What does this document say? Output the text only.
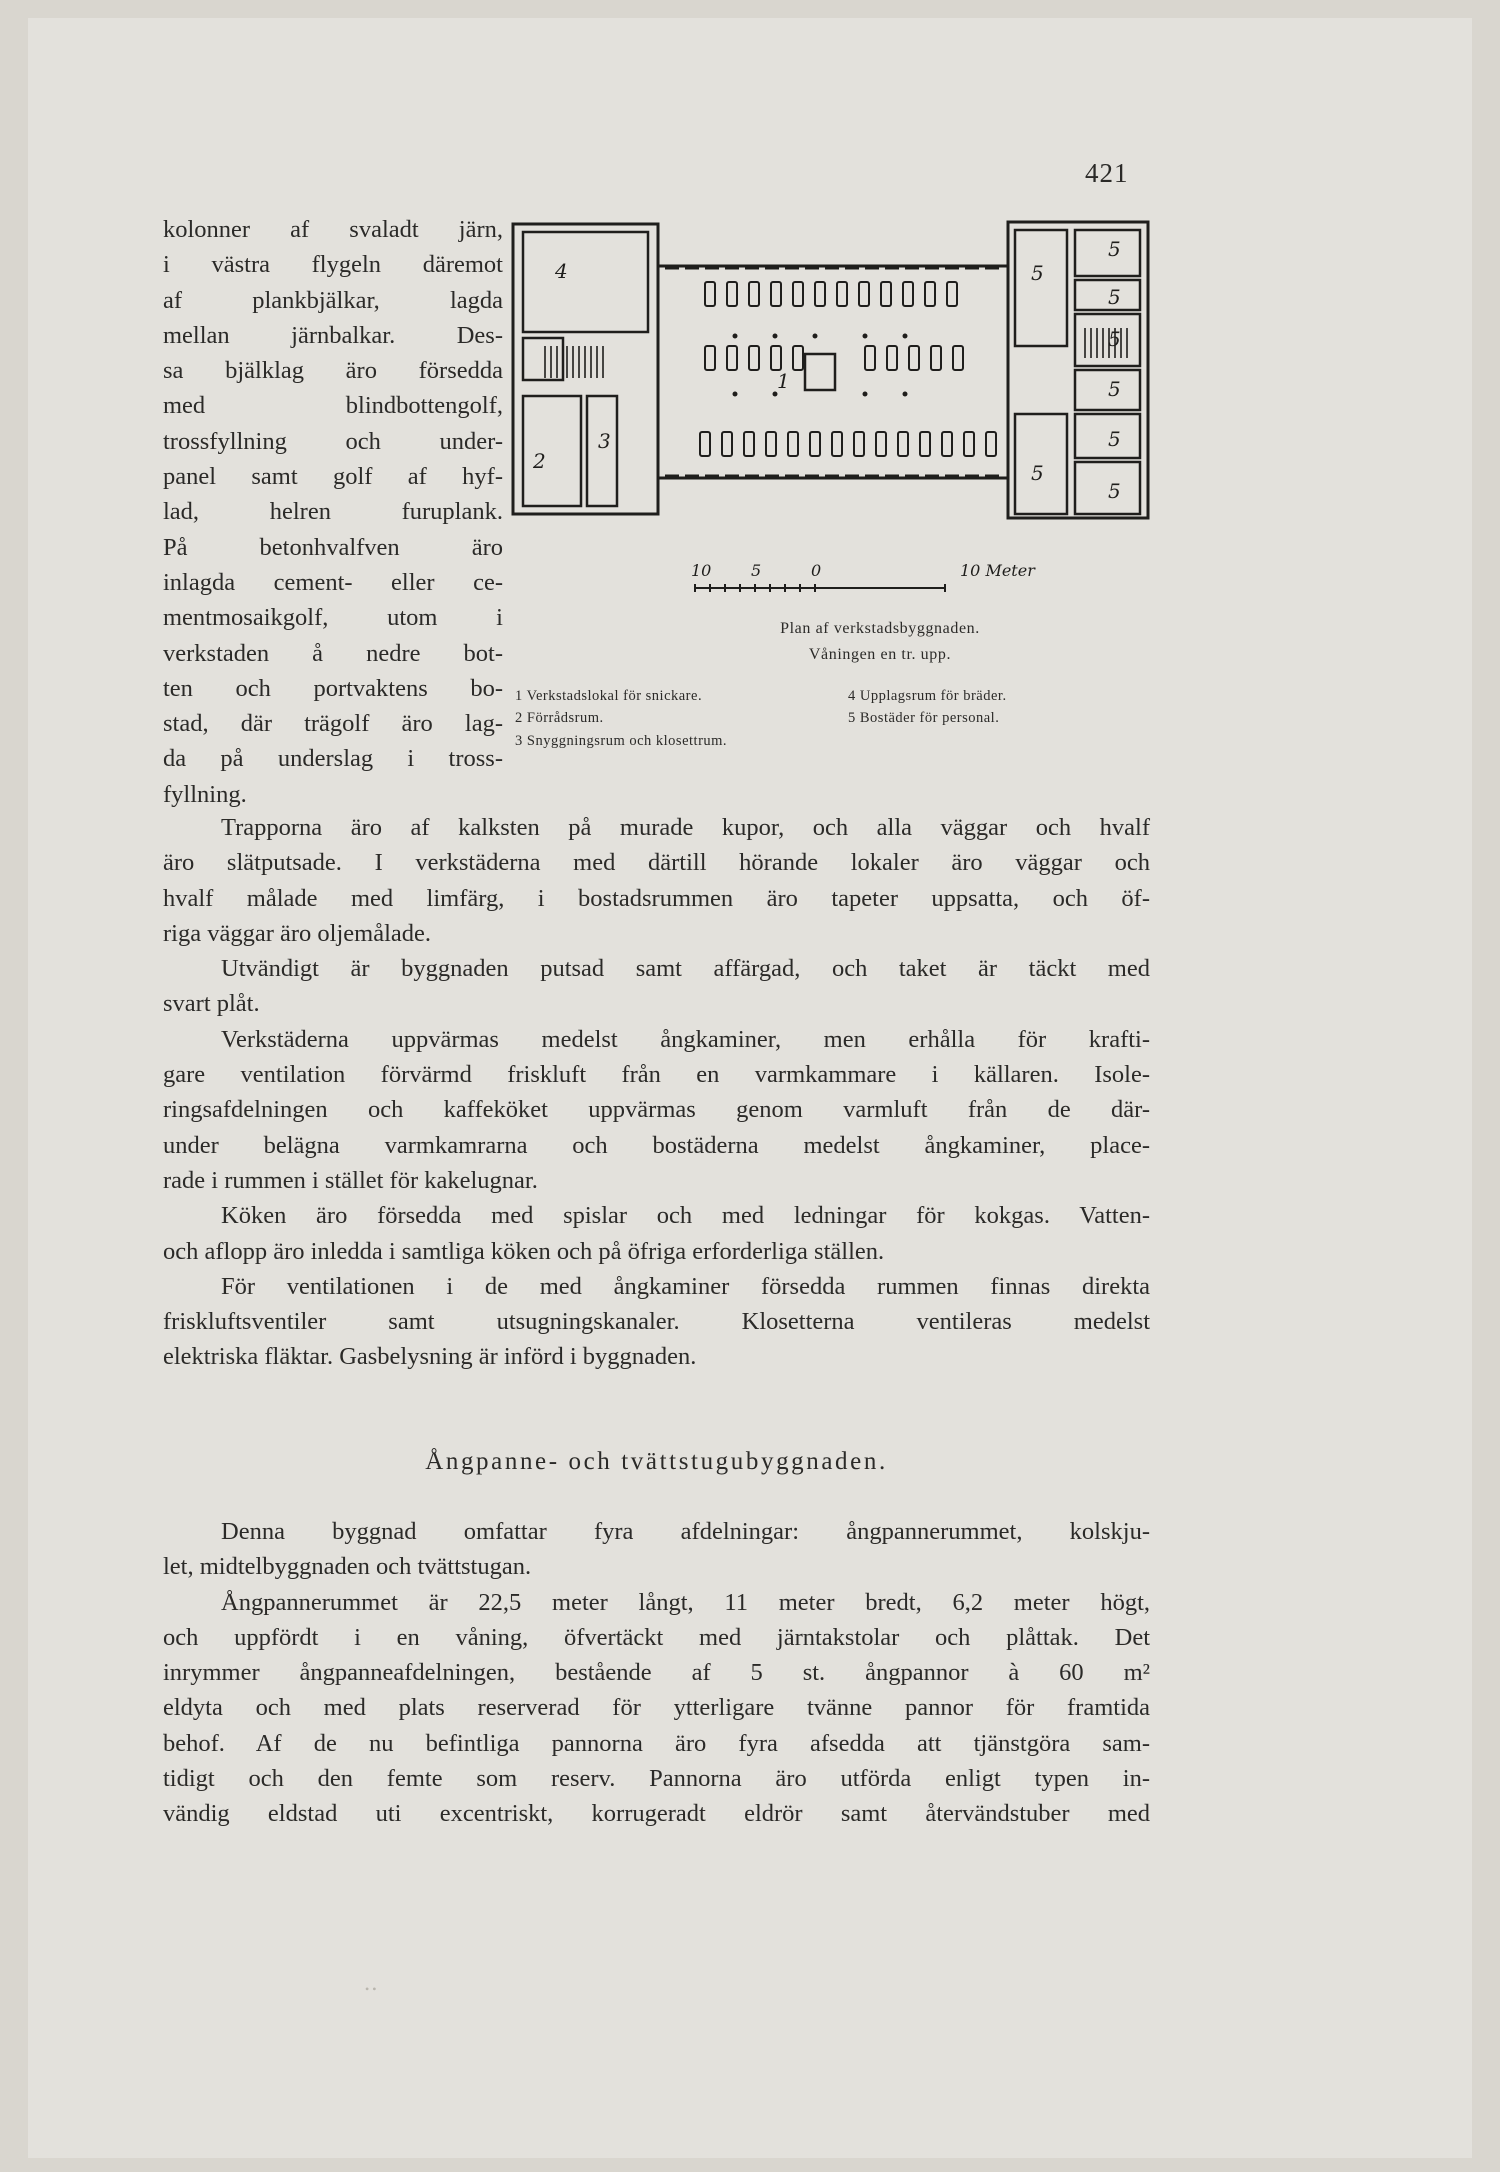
421
kolonner af svaladt järn,
i västra flygeln däremot
af plankbjälkar, lagda
mellan järnbalkar. Des-
sa bjälklag äro försedda
med blindbottengolf,
trossfyllning och under-
panel samt golf af hyf-
lad, helren furuplank.
På betonhvalfven äro
inlagda cement- eller ce-
mentmosaikgolf, utom i
verkstaden å nedre bot-
ten och portvaktens bo-
stad, där trägolf äro lag-
da på underslag i tross-
fyllning.
4
2
3
1
5
5
5
5
5
5
5
5
10 5	0	10 Meter
Plan af verkstadsbyggnaden.
Våningen en tr. upp.
1 Verkstadslokal för snickare.
2 Förrådsrum.
3 Snyggningsrum och klosettrum.
4 Upplagsrum för bräder.
5 Bostäder för personal.
Trapporna äro af kalksten på murade kupor, och alla väggar och hvalf
äro slätputsade. I verkstäderna med därtill hörande lokaler äro väggar och
hvalf målade med limfärg, i bostadsrummen äro tapeter uppsatta, och öf-
riga väggar äro oljemålade.
Utvändigt är byggnaden putsad samt affärgad, och taket är täckt med
svart plåt.
Verkstäderna uppvärmas medelst ångkaminer, men erhålla för krafti-
gare ventilation förvärmd friskluft från en varmkammare i källaren. Isole-
ringsafdelningen och kaffeköket uppvärmas genom varmluft från de där-
under belägna varmkamrarna och bostäderna medelst ångkaminer, place-
rade i rummen i stället för kakelugnar.
Köken äro försedda med spislar och med ledningar för kokgas. Vatten-
och aflopp äro inledda i samtliga köken och på öfriga erforderliga ställen.
För ventilationen i de med ångkaminer försedda rummen finnas direkta
friskluftsventiler samt utsugningskanaler. Klosetterna ventileras medelst
elektriska fläktar. Gasbelysning är införd i byggnaden.
Ångpanne- och tvättstugubyggnaden.
Denna byggnad omfattar fyra afdelningar: ångpannerummet, kolskju-
let, midtelbyggnaden och tvättstugan.
Ångpannerummet är 22,5 meter långt, 11 meter bredt, 6,2 meter högt,
och uppfördt i en våning, öfvertäckt med järntakstolar och plåttak. Det
inrymmer ångpanneafdelningen, bestående af 5 st. ångpannor à 60 m²
eldyta och med plats reserverad för ytterligare tvänne pannor för framtida
behof. Af de nu befintliga pannorna äro fyra afsedda att tjänstgöra sam-
tidigt och den femte som reserv. Pannorna äro utförda enligt typen in-
vändig eldstad uti excentriskt, korrugeradt eldrör samt återvändstuber med
• •
